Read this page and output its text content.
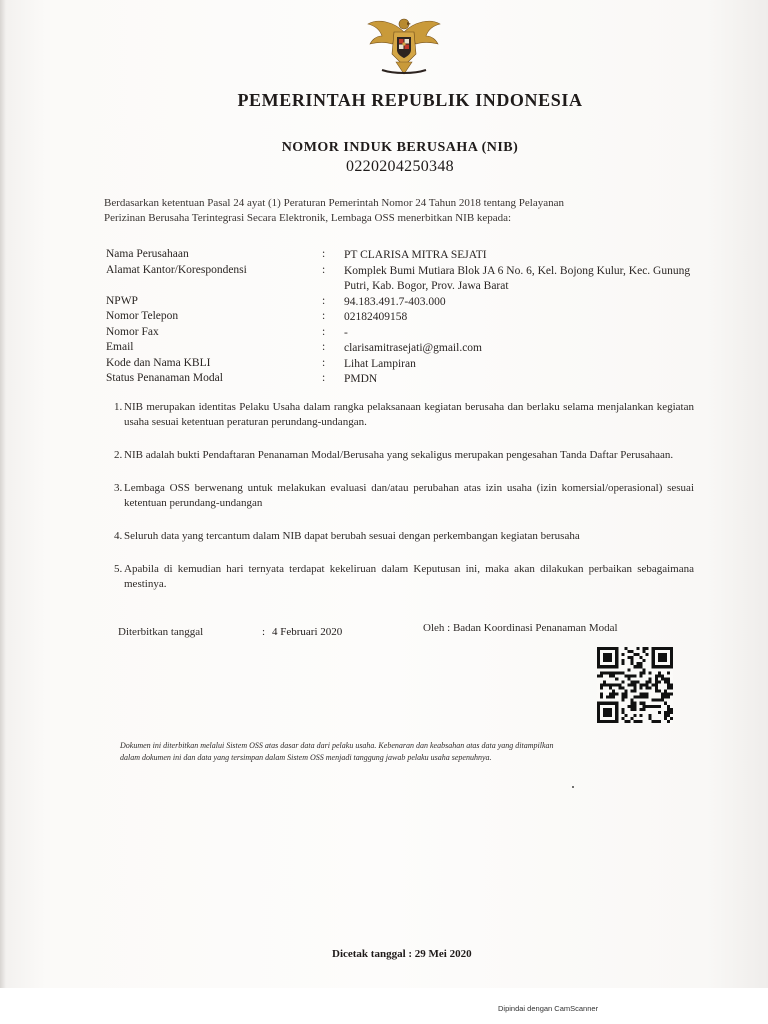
PEMERINTAH REPUBLIK INDONESIA
NOMOR INDUK BERUSAHA (NIB)
0220204250348
Berdasarkan ketentuan Pasal 24 ayat (1) Peraturan Pemerintah Nomor 24 Tahun 2018 tentang Pelayanan
Perizinan Berusaha Terintegrasi Secara Elektronik, Lembaga OSS menerbitkan NIB kepada:
Nama Perusahaan	: PT CLARISA MITRA SEJATI
Alamat Kantor/Korespondensi	: Komplek Bumi Mutiara Blok JA 6 No. 6, Kel. Bojong Kulur, Kec. Gunung Putri, Kab. Bogor, Prov. Jawa Barat
NPWP	: 94.183.491.7-403.000
Nomor Telepon	: 02182409158
Nomor Fax	: -
Email	: clarisamitrasejati@gmail.com
Kode dan Nama KBLI	: Lihat Lampiran
Status Penanaman Modal	: PMDN
1. NIB merupakan identitas Pelaku Usaha dalam rangka pelaksanaan kegiatan berusaha dan berlaku selama menjalankan kegiatan usaha sesuai ketentuan peraturan perundang-undangan.
2. NIB adalah bukti Pendaftaran Penanaman Modal/Berusaha yang sekaligus merupakan pengesahan Tanda Daftar Perusahaan.
3. Lembaga OSS berwenang untuk melakukan evaluasi dan/atau perubahan atas izin usaha (izin komersial/operasional) sesuai ketentuan perundang-undangan
4. Seluruh data yang tercantum dalam NIB dapat berubah sesuai dengan perkembangan kegiatan berusaha
5. Apabila di kemudian hari ternyata terdapat kekeliruan dalam Keputusan ini, maka akan dilakukan perbaikan sebagaimana mestinya.
Diterbitkan tanggal	: 4 Februari 2020	Oleh : Badan Koordinasi Penanaman Modal
Dokumen ini diterbitkan melalui Sistem OSS atas dasar data dari pelaku usaha. Kebenaran dan keabsahan atas data yang ditampilkan
dalam dokumen ini dan data yang tersimpan dalam Sistem OSS menjadi tanggung jawab pelaku usaha sepenuhnya.
Dicetak tanggal : 29 Mei 2020
Dipindai dengan CamScanner
